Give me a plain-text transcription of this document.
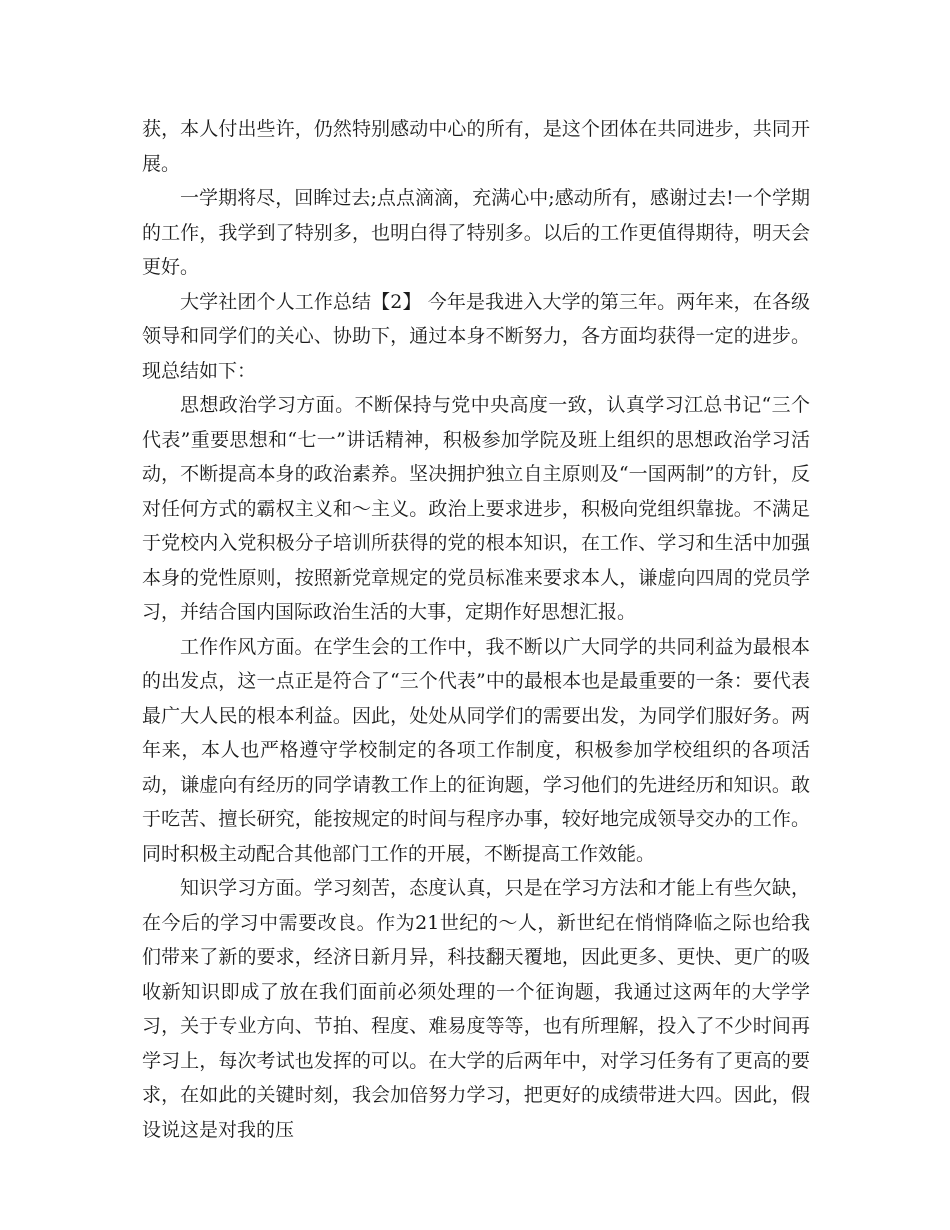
获，本人付出些许，仍然特别感动中心的所有，是这个团体在共同进步，共同开展。

一学期将尽，回眸过去;点点滴滴，充满心中;感动所有，感谢过去!一个学期的工作，我学到了特别多，也明白得了特别多。以后的工作更值得期待，明天会更好。

大学社团个人工作总结【2】 今年是我进入大学的第三年。两年来，在各级领导和同学们的关心、协助下，通过本身不断努力，各方面均获得一定的进步。现总结如下：

思想政治学习方面。不断保持与党中央高度一致，认真学习江总书记“三个代表”重要思想和“七一”讲话精神，积极参加学院及班上组织的思想政治学习活动，不断提高本身的政治素养。坚决拥护独立自主原则及“一国两制”的方针，反对任何方式的霸权主义和～主义。政治上要求进步，积极向党组织靠拢。不满足于党校内入党积极分子培训所获得的党的根本知识，在工作、学习和生活中加强本身的党性原则，按照新党章规定的党员标准来要求本人，谦虚向四周的党员学习，并结合国内国际政治生活的大事，定期作好思想汇报。

工作作风方面。在学生会的工作中，我不断以广大同学的共同利益为最根本的出发点，这一点正是符合了“三个代表”中的最根本也是最重要的一条：要代表最广大人民的根本利益。因此，处处从同学们的需要出发，为同学们服好务。两年来，本人也严格遵守学校制定的各项工作制度，积极参加学校组织的各项活动，谦虚向有经历的同学请教工作上的征询题，学习他们的先进经历和知识。敢于吃苦、擅长研究，能按规定的时间与程序办事，较好地完成领导交办的工作。同时积极主动配合其他部门工作的开展，不断提高工作效能。

知识学习方面。学习刻苦，态度认真，只是在学习方法和才能上有些欠缺，在今后的学习中需要改良。作为21世纪的～人，新世纪在悄悄降临之际也给我们带来了新的要求，经济日新月异，科技翻天覆地，因此更多、更快、更广的吸收新知识即成了放在我们面前必须处理的一个征询题，我通过这两年的大学学习，关于专业方向、节拍、程度、难易度等等，也有所理解，投入了不少时间再学习上，每次考试也发挥的可以。在大学的后两年中，对学习任务有了更高的要求，在如此的关键时刻，我会加倍努力学习，把更好的成绩带进大四。因此，假设说这是对我的压
